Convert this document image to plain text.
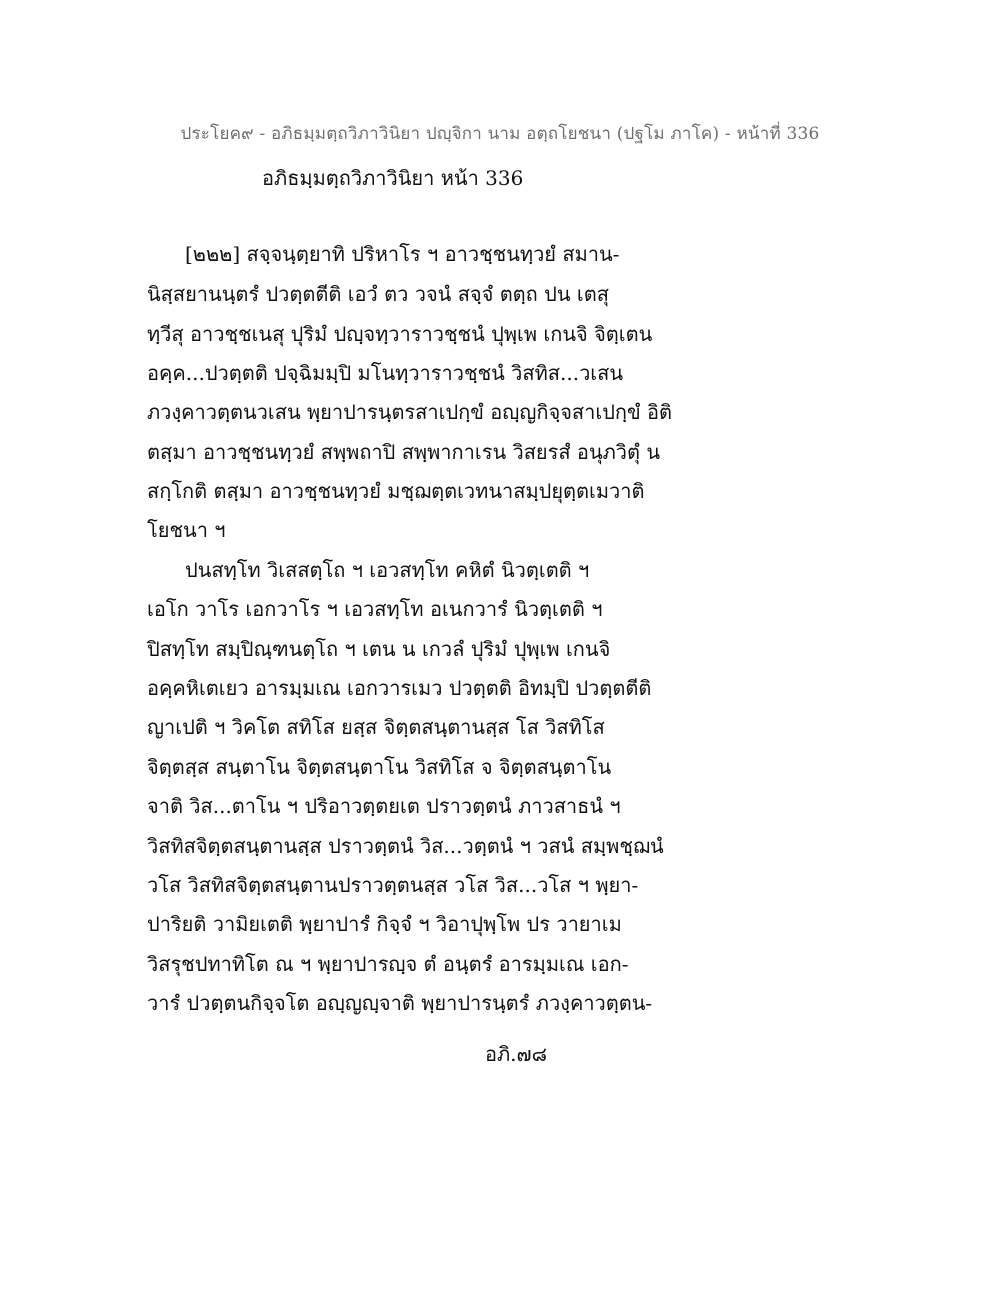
ประโยค๙ - อภิธมฺมตฺถวิภาวินิยา ปญฺจิกา นาม อตฺถโยชนา (ปฐโม ภาโค) - หน้าที่ 336
อภิธมฺมตฺถวิภาวินิยา หน้า 336
[๒๒๒] สจฺจนฺตฺยาทิ ปริหาโร ฯ อาวชฺชนทฺวยํ สมาน-
นิสฺสยานนฺตรํ ปวตฺตตีติ เอวํ ตว วจนํ สจฺจํ ตตฺถ ปน เตสุ
ทฺวีสุ อาวชฺชเนสุ ปุริมํ ปญฺจทฺวาราวชฺชนํ ปุพฺเพ เกนจิ จิตฺเตน
อคฺค...ปวตฺตติ ปจฺฉิมมฺปิ มโนทฺวาราวชฺชนํ วิสทิส...วเสน
ภวงฺคาวตฺตนวเสน พฺยาปารนฺตรสาเปกฺขํ อญฺญกิจฺจสาเปกฺขํ อิติ
ตสฺมา อาวชฺชนทฺวยํ สพฺพถาปิ สพฺพากาเรน วิสยรสํ อนุภวิตุํ น
สกฺโกติ ตสฺมา อาวชฺชนทฺวยํ มชฺฌตฺตเวทนาสมฺปยุตฺตเมวาติ
โยชนา ฯ
ปนสทฺโท วิเสสตฺโถ ฯ เอวสทฺโท คหิตํ นิวตฺเตติ ฯ
เอโก วาโร เอกวาโร ฯ เอวสทฺโท อเนกวารํ นิวตฺเตติ ฯ
ปิสทฺโท สมฺปิณฺฑนตฺโถ ฯ เตน น เกวลํ ปุริมํ ปุพฺเพ เกนจิ
อคฺคหิเตเยว อารมฺมเณ เอกวารเมว ปวตฺตติ อิทมฺปิ ปวตฺตตีติ
ญาเปติ ฯ วิคโต สทิโส ยสฺส จิตฺตสนฺตานสฺส โส วิสทิโส
จิตฺตสฺส สนฺตาโน จิตฺตสนฺตาโน วิสทิโส จ จิตฺตสนฺตาโน
จาติ วิส...ตาโน ฯ ปริอาวตฺตยเต ปราวตฺตนํ ภาวสาธนํ ฯ
วิสทิสจิตฺตสนฺตานสฺส ปราวตฺตนํ วิส...วตฺตนํ ฯ วสนํ สมฺพชฺฌนํ
วโส วิสทิสจิตฺตสนฺตานปราวตฺตนสฺส วโส วิส...วโส ฯ พฺยา-
ปาริยติ วามิยเตติ พฺยาปารํ กิจฺจํ ฯ วิอาปุพฺโพ ปร วายาเม
วิสรุชปทาทิโต ณ ฯ พฺยาปารญฺจ ตํ อนฺตรํ อารมฺมเณ เอก-
วารํ ปวตฺตนกิจฺจโต อญฺญญฺจาติ พฺยาปารนฺตรํ ภวงฺคาวตฺตน-
อภิ.๗๘
